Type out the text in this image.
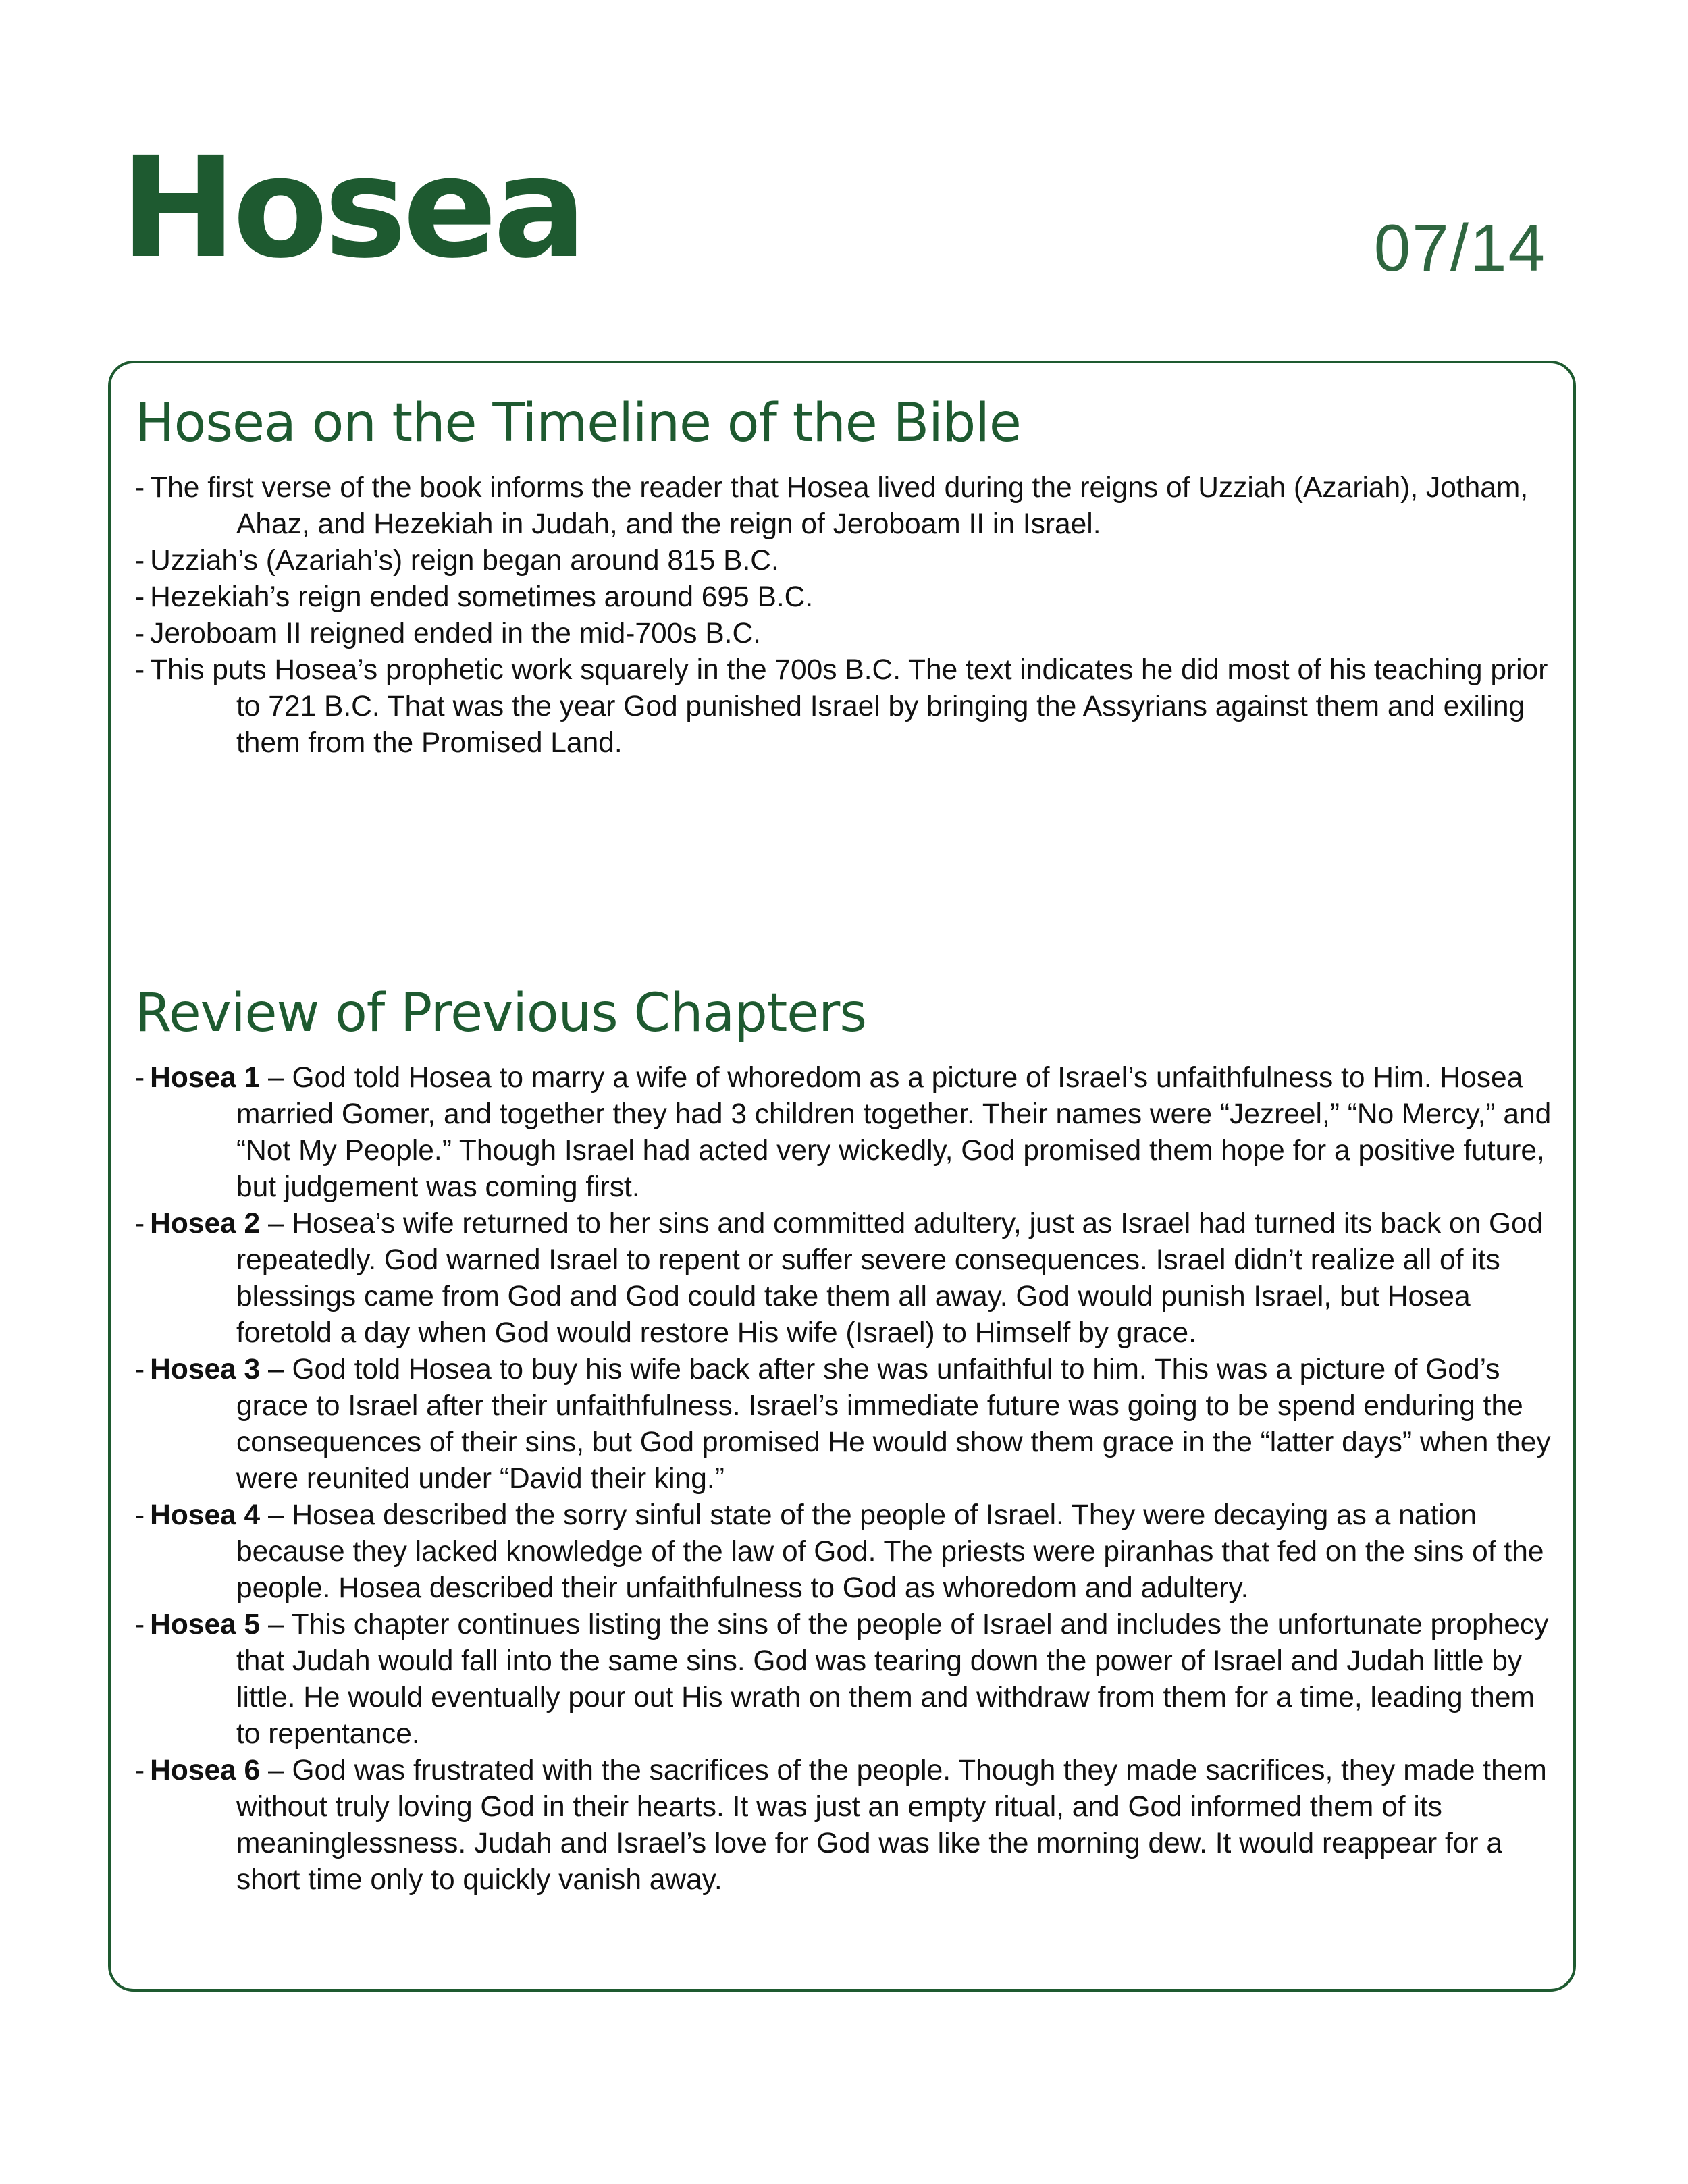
Hosea	07/14
Hosea on the Timeline of the Bible
- The first verse of the book informs the reader that Hosea lived during the reigns of Uzziah (Azariah), Jotham, Ahaz, and Hezekiah in Judah, and the reign of Jeroboam II in Israel.
- Uzziah’s (Azariah’s) reign began around 815 B.C.
- Hezekiah’s reign ended sometimes around 695 B.C.
- Jeroboam II reigned ended in the mid-700s B.C.
- This puts Hosea’s prophetic work squarely in the 700s B.C. The text indicates he did most of his teaching prior to 721 B.C. That was the year God punished Israel by bringing the Assyrians against them and exiling them from the Promised Land.
Review of Previous Chapters
- Hosea 1 – God told Hosea to marry a wife of whoredom as a picture of Israel’s unfaithfulness to Him. Hosea married Gomer, and together they had 3 children together. Their names were “Jezreel,” “No Mercy,” and “Not My People.” Though Israel had acted very wickedly, God promised them hope for a positive future, but judgement was coming first.
- Hosea 2 – Hosea’s wife returned to her sins and committed adultery, just as Israel had turned its back on God repeatedly. God warned Israel to repent or suffer severe consequences. Israel didn’t realize all of its blessings came from God and God could take them all away. God would punish Israel, but Hosea foretold a day when God would restore His wife (Israel) to Himself by grace.
- Hosea 3 – God told Hosea to buy his wife back after she was unfaithful to him. This was a picture of God’s grace to Israel after their unfaithfulness. Israel’s immediate future was going to be spend enduring the consequences of their sins, but God promised He would show them grace in the “latter days” when they were reunited under “David their king.”
- Hosea 4 – Hosea described the sorry sinful state of the people of Israel. They were decaying as a nation because they lacked knowledge of the law of God. The priests were piranhas that fed on the sins of the people. Hosea described their unfaithfulness to God as whoredom and adultery.
- Hosea 5 – This chapter continues listing the sins of the people of Israel and includes the unfortunate prophecy that Judah would fall into the same sins. God was tearing down the power of Israel and Judah little by little. He would eventually pour out His wrath on them and withdraw from them for a time, leading them to repentance.
- Hosea 6 – God was frustrated with the sacrifices of the people. Though they made sacrifices, they made them without truly loving God in their hearts. It was just an empty ritual, and God informed them of its meaninglessness. Judah and Israel’s love for God was like the morning dew. It would reappear for a short time only to quickly vanish away.
